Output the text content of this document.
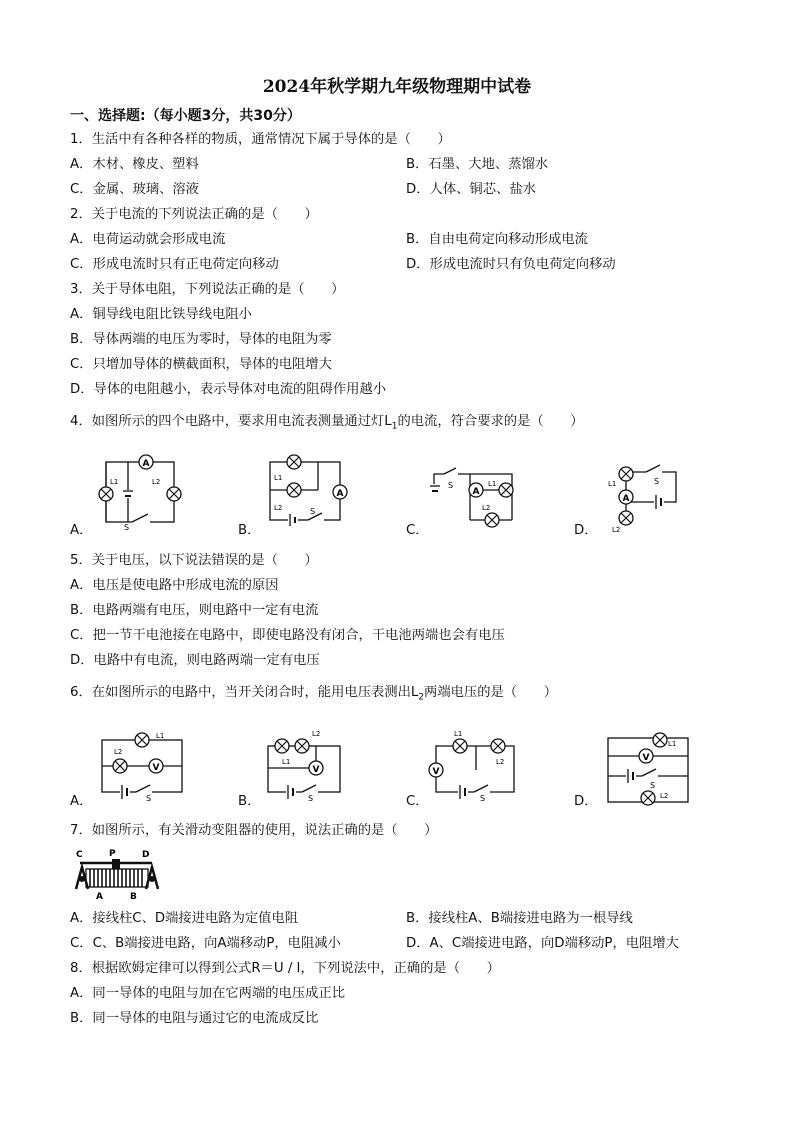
2024年秋学期九年级物理期中试卷
一、选择题:（每小题3分，共30分）
1．生活中有各种各样的物质，通常情况下属于导体的是（　　）
A．木材、橡皮、塑料	B．石墨、大地、蒸馏水
C．金属、玻璃、溶液	D．人体、铜芯、盐水
2．关于电流的下列说法正确的是（　　）
A．电荷运动就会形成电流	B．自由电荷定向移动形成电流
C．形成电流时只有正电荷定向移动	D．形成电流时只有负电荷定向移动
3．关于导体电阻，下列说法正确的是（　　）
A．铜导线电阻比铁导线电阻小
B．导体两端的电压为零时，导体的电阻为零
C．只增加导体的横截面积，导体的电阻增大
D．导体的电阻越小，表示导体对电流的阻碍作用越小
4．如图所示的四个电路中，要求用电流表测量通过灯$L_1$的电流，符合要求的是（　　）
A．	B．	C．	D．
A
L1	L2
S
A
L1
L2	S
S
A
L1
L2
L1
A
L2
S
5．关于电压，以下说法错误的是（　　）
A．电压是使电路中形成电流的原因
B．电路两端有电压，则电路中一定有电流
C．把一节干电池接在电路中，即使电路没有闭合，干电池两端也会有电压
D．电路中有电流，则电路两端一定有电压
6．在如图所示的电路中，当开关闭合时，能用电压表测出$L_2$两端电压的是（　　）
A．	B．	C．	D．
L1
L2
V
S
L2
L1
V
S
L1
L2
V
S
L1
V
S
L2
7．如图所示，有关滑动变阻器的使用，说法正确的是（　　）
C	P	D
A	B
A．接线柱C、D端接进电路为定值电阻	B．接线柱A、B端接进电路为一根导线
C．C、B端接进电路，向A端移动P，电阻减小	D．A、C端接进电路，向D端移动P，电阻增大
8．根据欧姆定律可以得到公式R＝U / I，下列说法中，正确的是（　　）
A．同一导体的电阻与加在它两端的电压成正比
B．同一导体的电阻与通过它的电流成反比
